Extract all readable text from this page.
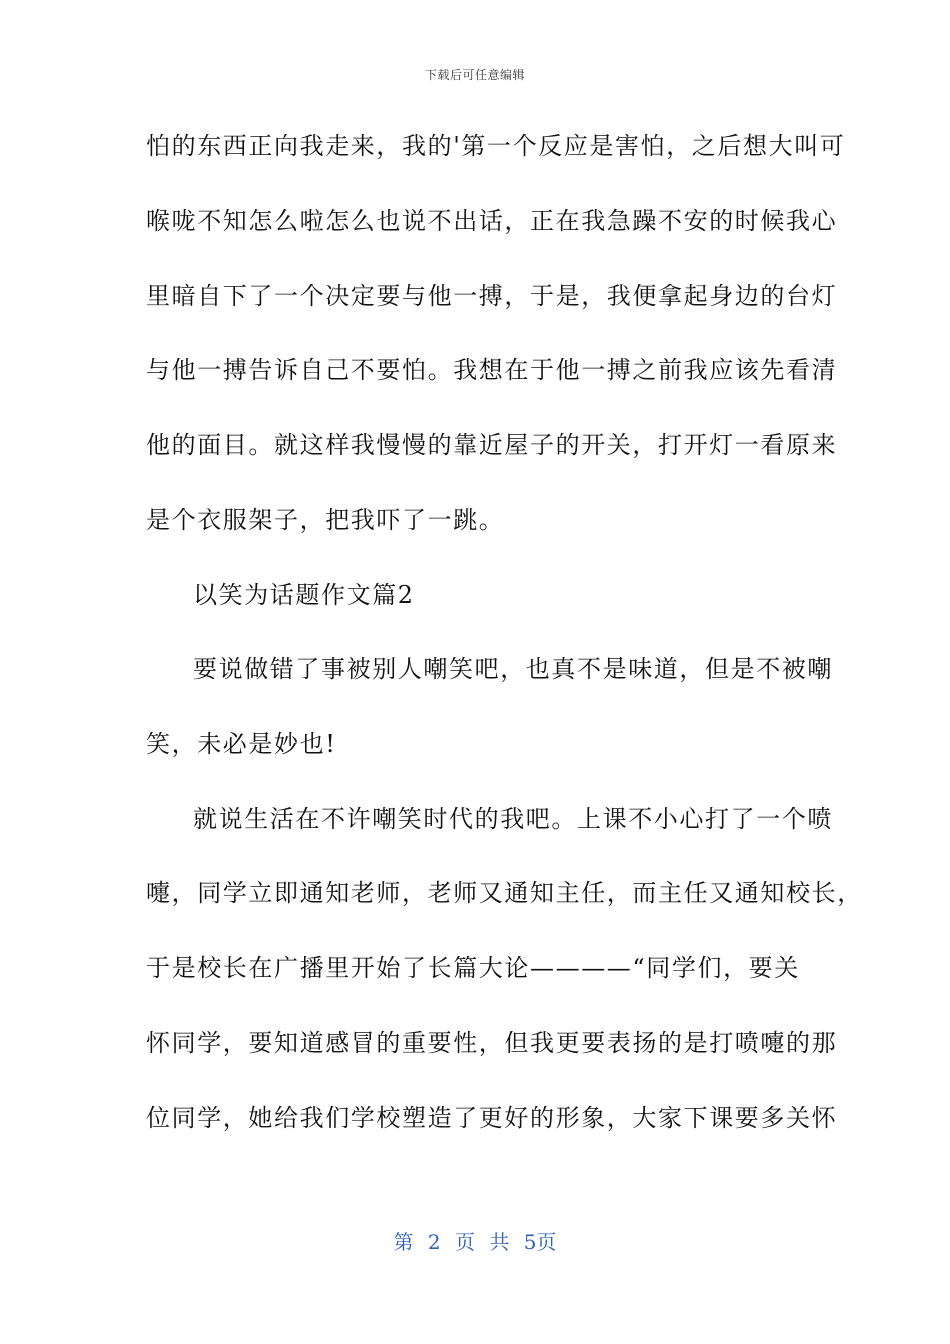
下载后可任意编辑
怕的东西正向我走来，我的'第一个反应是害怕，之后想大叫可
喉咙不知怎么啦怎么也说不出话，正在我急躁不安的时候我心
里暗自下了一个决定要与他一搏，于是，我便拿起身边的台灯
与他一搏告诉自己不要怕。我想在于他一搏之前我应该先看清
他的面目。就这样我慢慢的靠近屋子的开关，打开灯一看原来
是个衣服架子，把我吓了一跳。
以笑为话题作文篇2
要说做错了事被别人嘲笑吧，也真不是味道，但是不被嘲
笑，未必是妙也!
就说生活在不许嘲笑时代的我吧。上课不小心打了一个喷
嚏，同学立即通知老师，老师又通知主任，而主任又通知校长，
于是校长在广播里开始了长篇大论————“同学们，要关
怀同学，要知道感冒的重要性，但我更要表扬的是打喷嚏的那
位同学，她给我们学校塑造了更好的形象，大家下课要多关怀
第 2 页 共 5页
